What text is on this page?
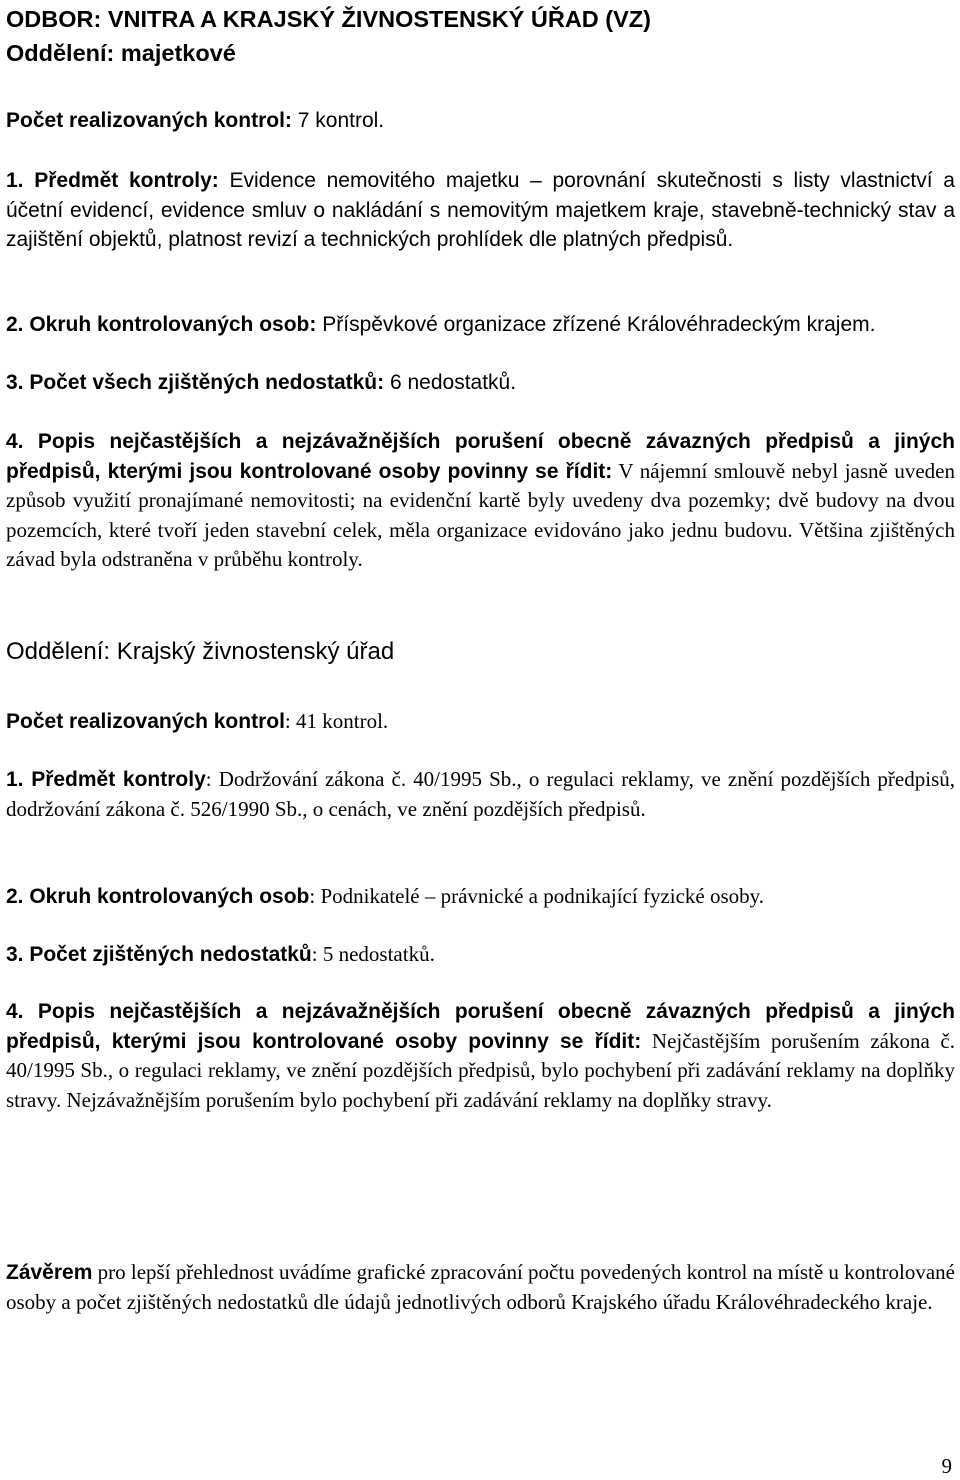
ODBOR: VNITRA A KRAJSKÝ ŽIVNOSTENSKÝ ÚŘAD (VZ)
Oddělení: majetkové
Počet realizovaných kontrol: 7 kontrol.
1. Předmět kontroly: Evidence nemovitého majetku – porovnání skutečnosti s listy vlastnictví a účetní evidencí, evidence smluv o nakládání s nemovitým majetkem kraje, stavebně-technický stav a zajištění objektů, platnost revizí a technických prohlídek dle platných předpisů.
2. Okruh kontrolovaných osob: Příspěvkové organizace zřízené Královéhradeckým krajem.
3. Počet všech zjištěných nedostatků: 6 nedostatků.
4. Popis nejčastějších a nejzávažnějších porušení obecně závazných předpisů a jiných předpisů, kterými jsou kontrolované osoby povinny se řídit: V nájemní smlouvě nebyl jasně uveden způsob využití pronajímané nemovitosti; na evidenční kartě byly uvedeny dva pozemky; dvě budovy na dvou pozemcích, které tvoří jeden stavební celek, měla organizace evidováno jako jednu budovu. Většina zjištěných závad byla odstraněna v průběhu kontroly.
Oddělení: Krajský živnostenský úřad
Počet realizovaných kontrol: 41 kontrol.
1. Předmět kontroly: Dodržování zákona č. 40/1995 Sb., o regulaci reklamy, ve znění pozdějších předpisů, dodržování zákona č. 526/1990 Sb., o cenách, ve znění pozdějších předpisů.
2. Okruh kontrolovaných osob: Podnikatelé – právnické a podnikající fyzické osoby.
3. Počet zjištěných nedostatků: 5 nedostatků.
4. Popis nejčastějších a nejzávažnějších porušení obecně závazných předpisů a jiných předpisů, kterými jsou kontrolované osoby povinny se řídit: Nejčastějším porušením zákona č. 40/1995 Sb., o regulaci reklamy, ve znění pozdějších předpisů, bylo pochybení při zadávání reklamy na doplňky stravy. Nejzávažnějším porušením bylo pochybení při zadávání reklamy na doplňky stravy.
Závěrem pro lepší přehlednost uvádíme grafické zpracování počtu povedených kontrol na místě u kontrolované osoby a počet zjištěných nedostatků dle údajů jednotlivých odborů Krajského úřadu Královéhradeckého kraje.
9
